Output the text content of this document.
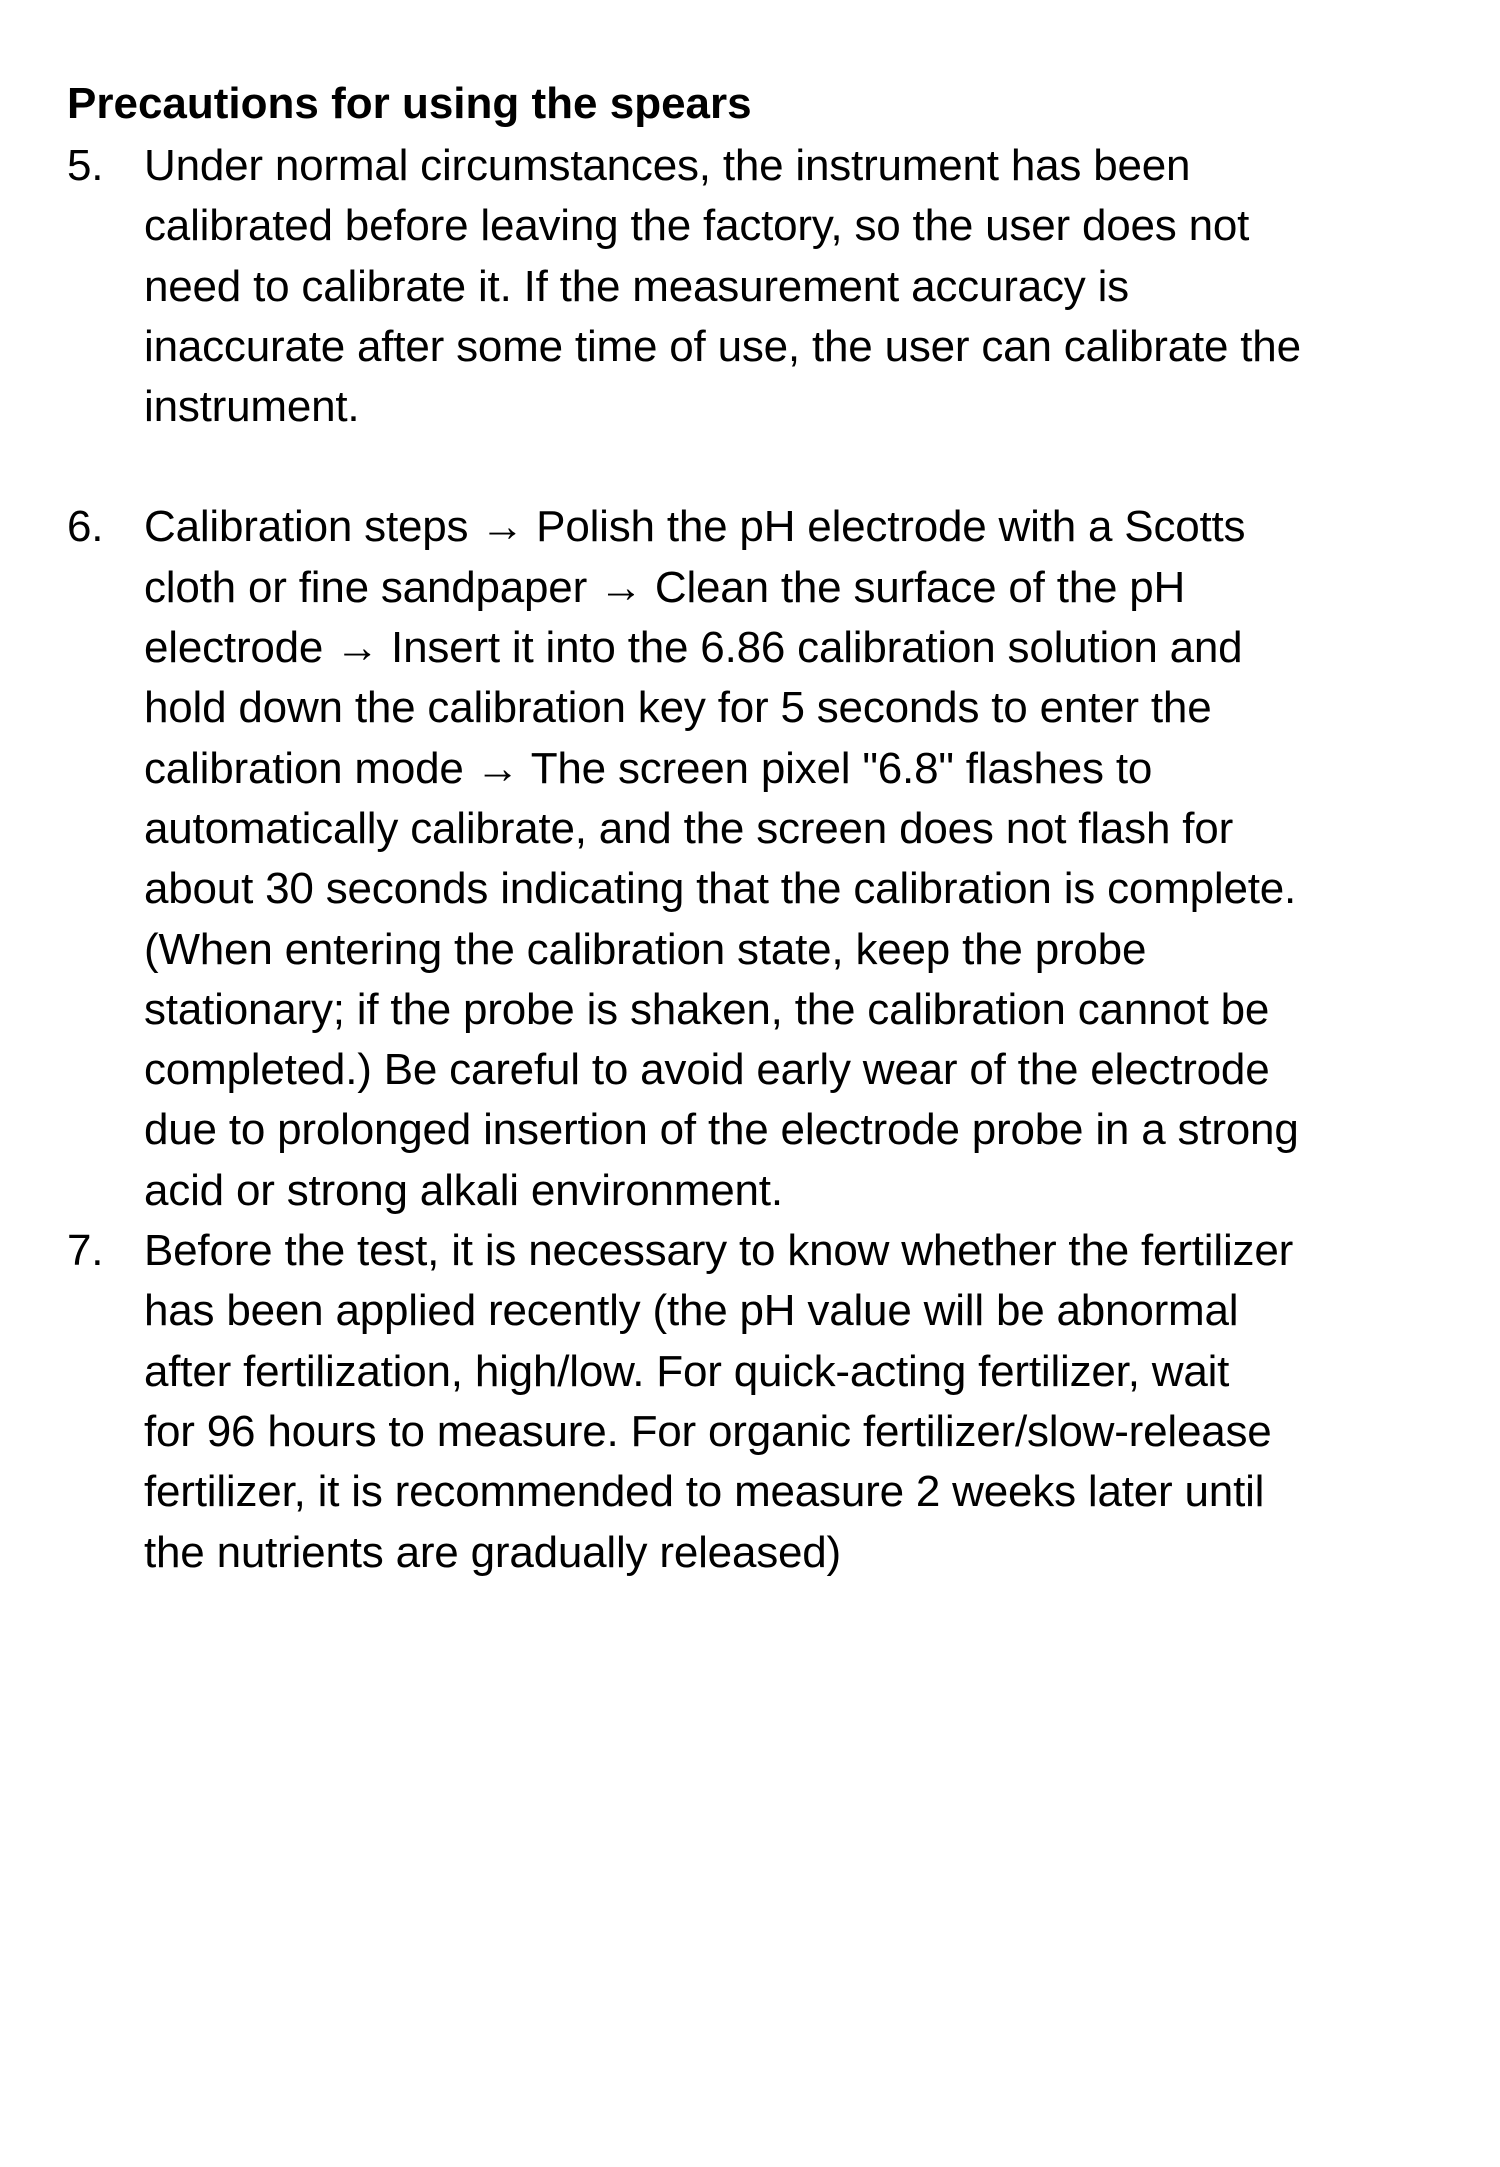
Precautions for using the spears
5. Under normal circumstances, the instrument has been
calibrated before leaving the factory, so the user does not
need to calibrate it. If the measurement accuracy is
inaccurate after some time of use, the user can calibrate the
instrument.
6. Calibration steps → Polish the pH electrode with a Scotts
cloth or fine sandpaper → Clean the surface of the pH
electrode → Insert it into the 6.86 calibration solution and
hold down the calibration key for 5 seconds to enter the
calibration mode → The screen pixel "6.8" flashes to
automatically calibrate, and the screen does not flash for
about 30 seconds indicating that the calibration is complete.
(When entering the calibration state, keep the probe
stationary; if the probe is shaken, the calibration cannot be
completed.) Be careful to avoid early wear of the electrode
due to prolonged insertion of the electrode probe in a strong
acid or strong alkali environment.
7. Before the test, it is necessary to know whether the fertilizer
has been applied recently (the pH value will be abnormal
after fertilization, high/low. For quick-acting fertilizer, wait
for 96 hours to measure. For organic fertilizer/slow-release
fertilizer, it is recommended to measure 2 weeks later until
the nutrients are gradually released)
